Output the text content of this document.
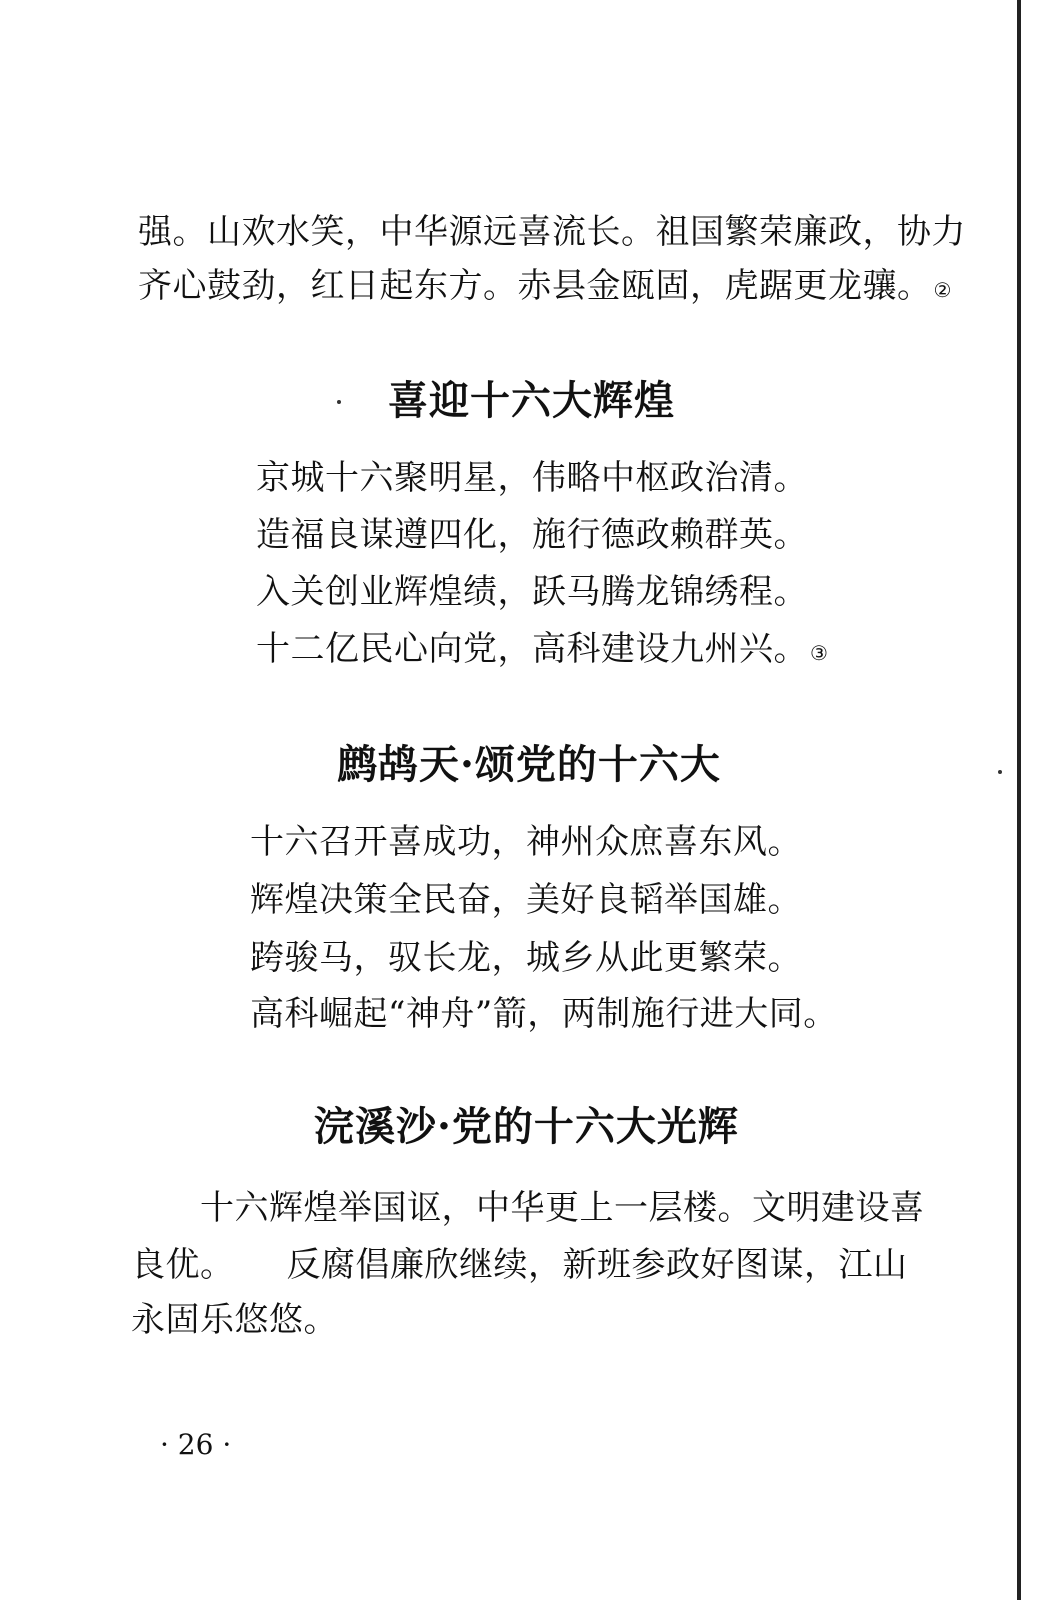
强。山欢水笑，中华源远喜流长。祖国繁荣廉政，协力
齐心鼓劲，红日起东方。赤县金瓯固，虎踞更龙骧。 ②
喜迎十六大辉煌
京城十六聚明星，伟略中枢政治清。
造福良谋遵四化，施行德政赖群英。
入关创业辉煌绩，跃马腾龙锦绣程。
十二亿民心向党，高科建设九州兴。 ③
鹧鸪天·颂党的十六大
十六召开喜成功，神州众庶喜东风。
辉煌决策全民奋，美好良韬举国雄。
跨骏马，驭长龙，城乡从此更繁荣。
高科崛起“神舟”箭，两制施行进大同。
浣溪沙·党的十六大光辉
十六辉煌举国讴，中华更上一层楼。文明建设喜
良优。　　反腐倡廉欣继续，新班参政好图谋，江山
永固乐悠悠。
· 26 ·
